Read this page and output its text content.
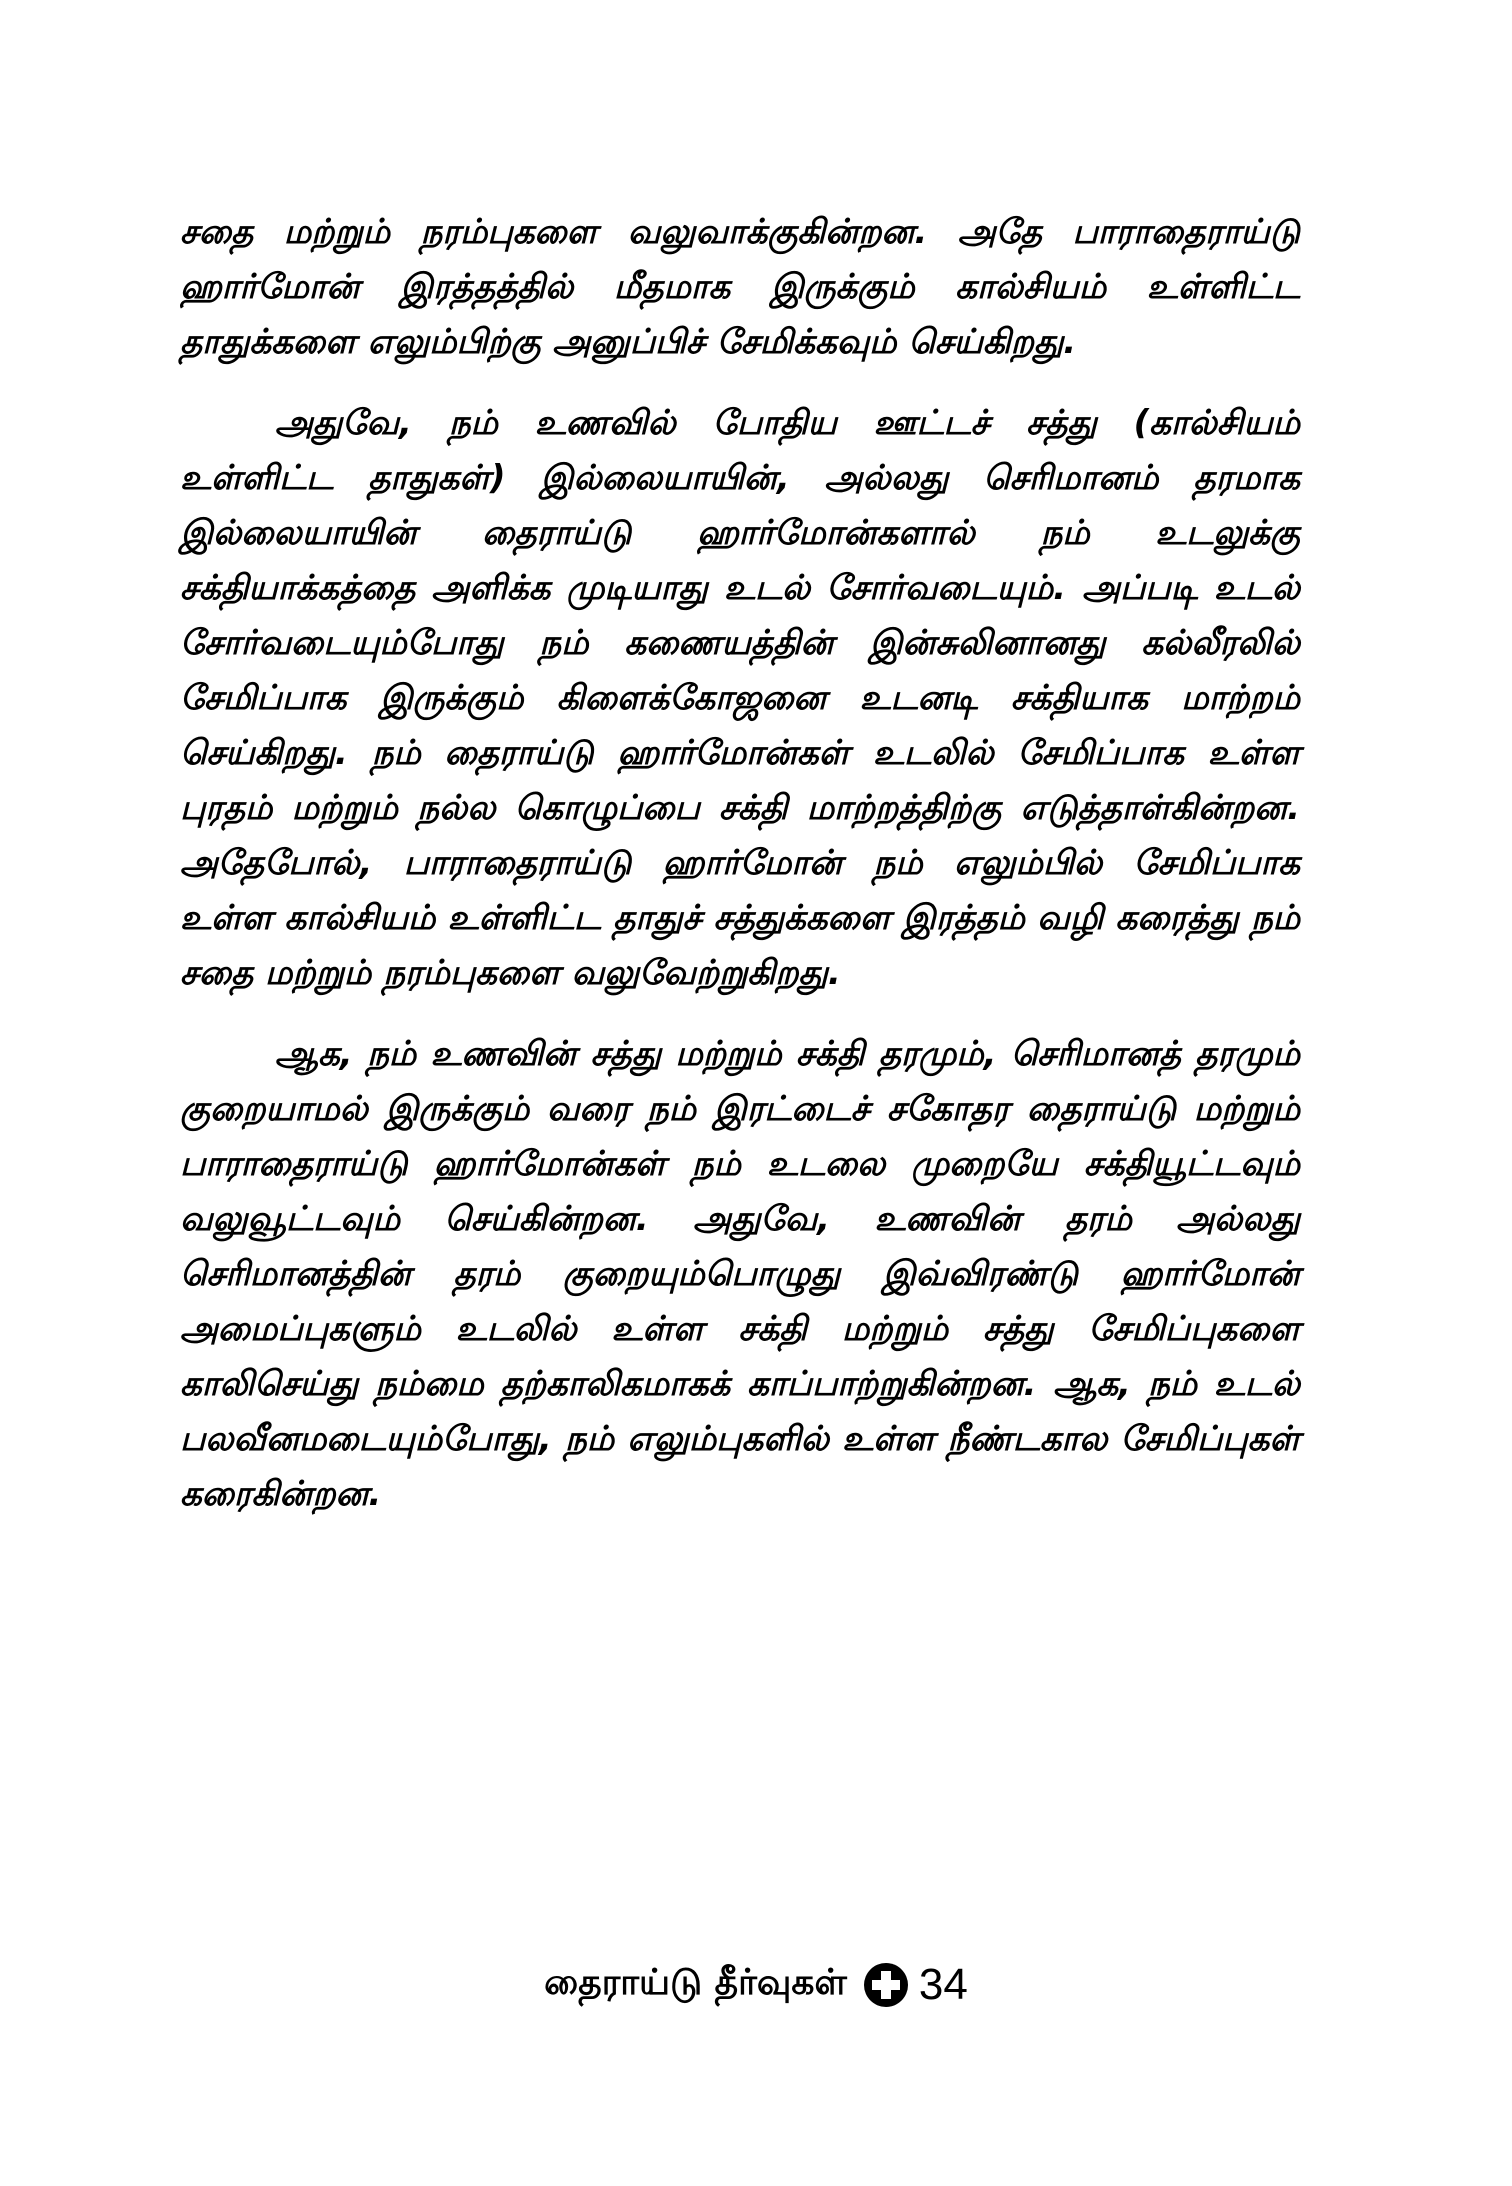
சதை மற்றும் நரம்புகளை வலுவாக்குகின்றன. அதே பாராதைராய்டு ஹார்மோன் இரத்தத்தில் மீதமாக இருக்கும் கால்சியம் உள்ளிட்ட தாதுக்களை எலும்பிற்கு அனுப்பிச் சேமிக்கவும் செய்கிறது.

அதுவே, நம் உணவில் போதிய ஊட்டச் சத்து (கால்சியம் உள்ளிட்ட தாதுகள்) இல்லையாயின், அல்லது செரிமானம் தரமாக இல்லையாயின் தைராய்டு ஹார்மோன்களால் நம் உடலுக்கு சக்தியாக்கத்தை அளிக்க முடியாது உடல் சோர்வடையும். அப்படி உடல் சோர்வடையும்போது நம் கணையத்தின் இன்சுலினானது கல்லீரலில் சேமிப்பாக இருக்கும் கிளைக்கோஜனை உடனடி சக்தியாக மாற்றம் செய்கிறது. நம் தைராய்டு ஹார்மோன்கள் உடலில் சேமிப்பாக உள்ள புரதம் மற்றும் நல்ல கொழுப்பை சக்தி மாற்றத்திற்கு எடுத்தாள்கின்றன. அதேபோல், பாராதைராய்டு ஹார்மோன் நம் எலும்பில் சேமிப்பாக உள்ள கால்சியம் உள்ளிட்ட தாதுச் சத்துக்களை இரத்தம் வழி கரைத்து நம் சதை மற்றும் நரம்புகளை வலுவேற்றுகிறது.

ஆக, நம் உணவின் சத்து மற்றும் சக்தி தரமும், செரிமானத் தரமும் குறையாமல் இருக்கும் வரை நம் இரட்டைச் சகோதர தைராய்டு மற்றும் பாராதைராய்டு ஹார்மோன்கள் நம் உடலை முறையே சக்தியூட்டவும் வலுவூட்டவும் செய்கின்றன. அதுவே, உணவின் தரம் அல்லது செரிமானத்தின் தரம் குறையும்பொழுது இவ்விரண்டு ஹார்மோன் அமைப்புகளும் உடலில் உள்ள சக்தி மற்றும் சத்து சேமிப்புகளை காலிசெய்து நம்மை தற்காலிகமாகக் காப்பாற்றுகின்றன. ஆக, நம் உடல் பலவீனமடையும்போது, நம் எலும்புகளில் உள்ள நீண்டகால சேமிப்புகள் கரைகின்றன.

தைராய்டு தீர்வுகள் 34
